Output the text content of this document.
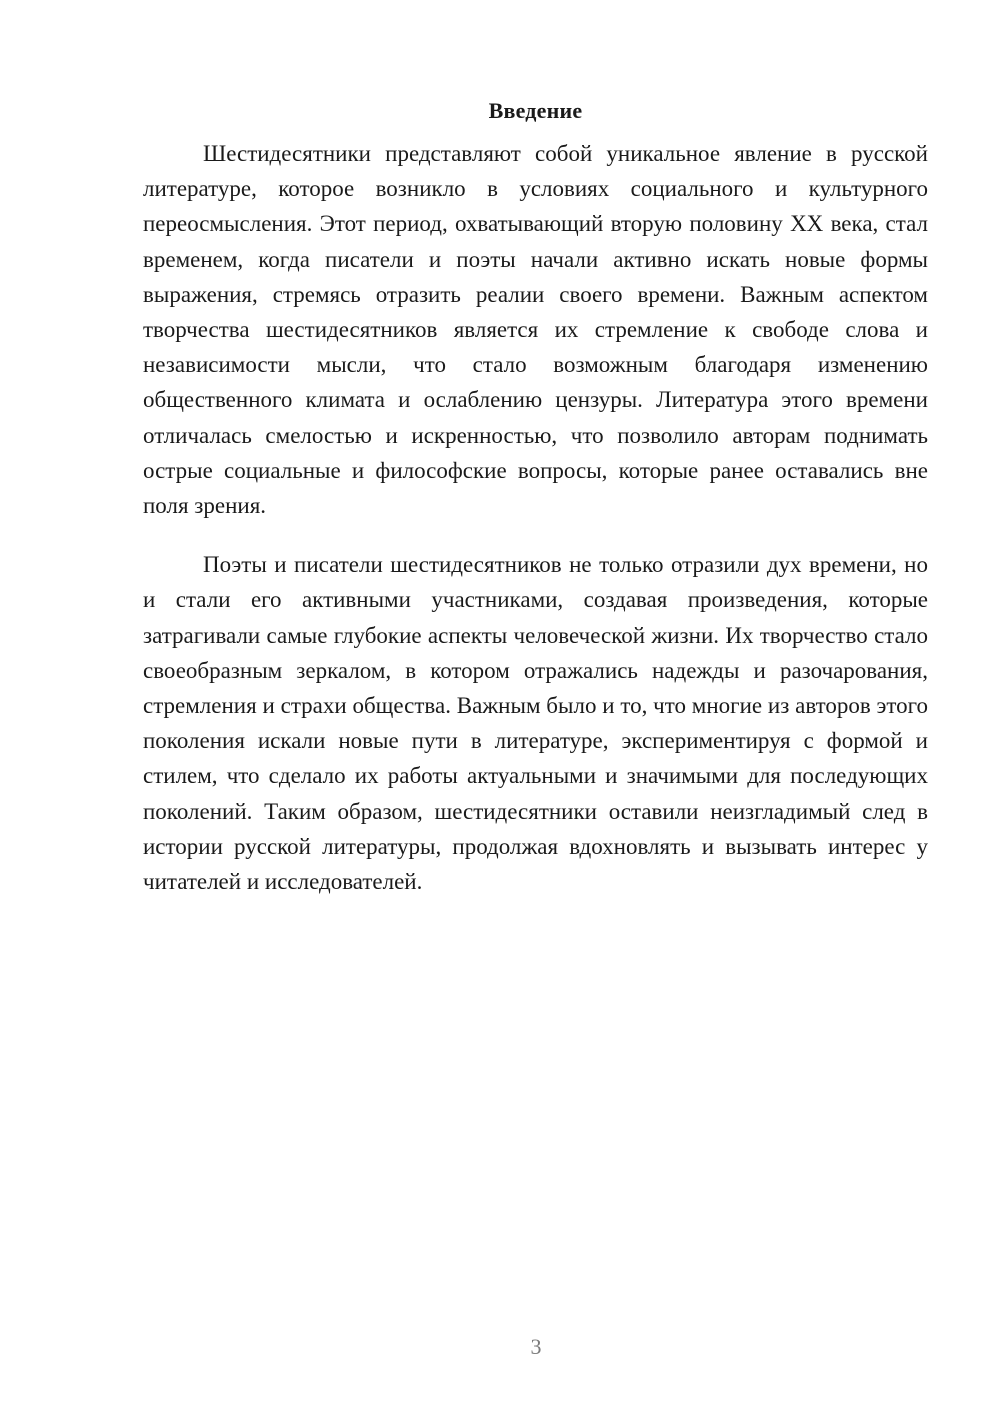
Введение

Шестидесятники представляют собой уникальное явление в русской литературе, которое возникло в условиях социального и культурного переосмысления. Этот период, охватывающий вторую половину XX века, стал временем, когда писатели и поэты начали активно искать новые формы выражения, стремясь отразить реалии своего времени. Важным аспектом творчества шестидесятников является их стремление к свободе слова и независимости мысли, что стало возможным благодаря изменению общественного климата и ослаблению цензуры. Литература этого времени отличалась смелостью и искренностью, что позволило авторам поднимать острые социальные и философские вопросы, которые ранее оставались вне поля зрения.

Поэты и писатели шестидесятников не только отразили дух времени, но и стали его активными участниками, создавая произведения, которые затрагивали самые глубокие аспекты человеческой жизни. Их творчество стало своеобразным зеркалом, в котором отражались надежды и разочарования, стремления и страхи общества. Важным было и то, что многие из авторов этого поколения искали новые пути в литературе, экспериментируя с формой и стилем, что сделало их работы актуальными и значимыми для последующих поколений. Таким образом, шестидесятники оставили неизгладимый след в истории русской литературы, продолжая вдохновлять и вызывать интерес у читателей и исследователей.

3
